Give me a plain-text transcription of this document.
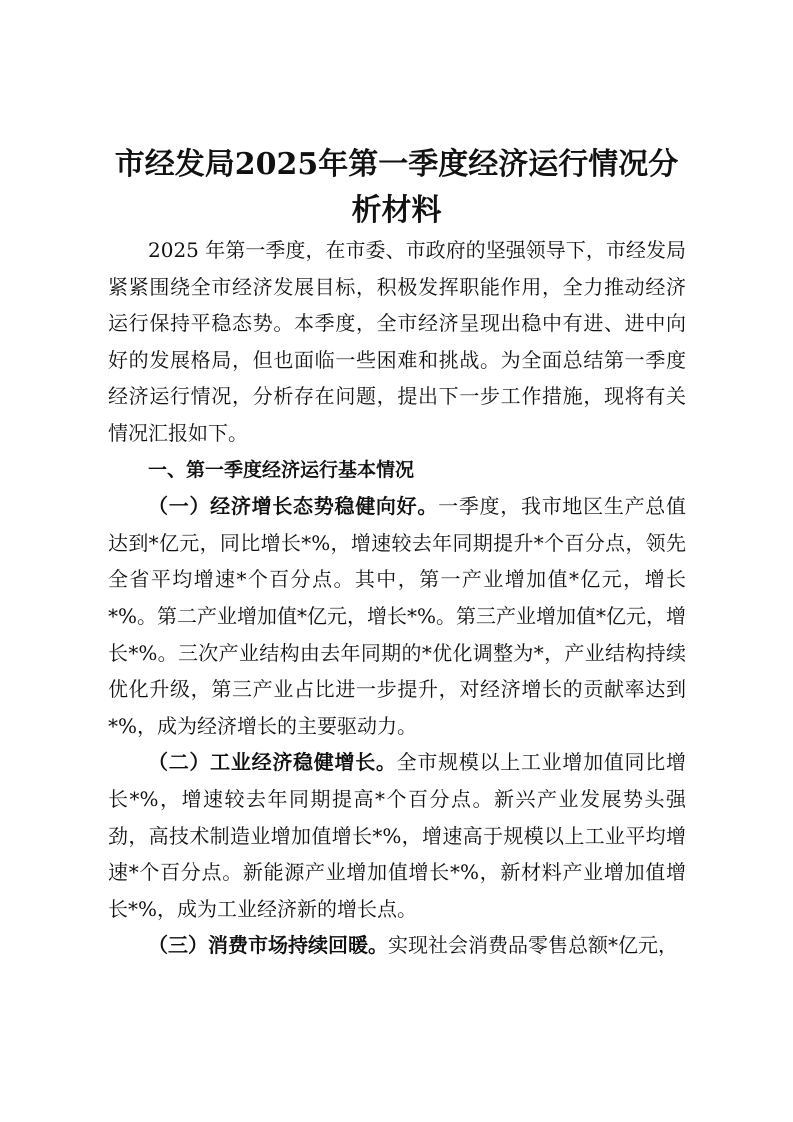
市经发局2025年第一季度经济运行情况分析材料

2025 年第一季度，在市委、市政府的坚强领导下，市经发局紧紧围绕全市经济发展目标，积极发挥职能作用，全力推动经济运行保持平稳态势。本季度，全市经济呈现出稳中有进、进中向好的发展格局，但也面临一些困难和挑战。为全面总结第一季度经济运行情况，分析存在问题，提出下一步工作措施，现将有关情况汇报如下。

一、第一季度经济运行基本情况

（一）经济增长态势稳健向好。一季度，我市地区生产总值达到*亿元，同比增长*%，增速较去年同期提升*个百分点，领先全省平均增速*个百分点。其中，第一产业增加值*亿元，增长*%。第二产业增加值*亿元，增长*%。第三产业增加值*亿元，增长*%。三次产业结构由去年同期的*优化调整为*，产业结构持续优化升级，第三产业占比进一步提升，对经济增长的贡献率达到*%，成为经济增长的主要驱动力。

（二）工业经济稳健增长。全市规模以上工业增加值同比增长*%，增速较去年同期提高*个百分点。新兴产业发展势头强劲，高技术制造业增加值增长*%，增速高于规模以上工业平均增速*个百分点。新能源产业增加值增长*%，新材料产业增加值增长*%，成为工业经济新的增长点。

（三）消费市场持续回暖。实现社会消费品零售总额*亿元，
